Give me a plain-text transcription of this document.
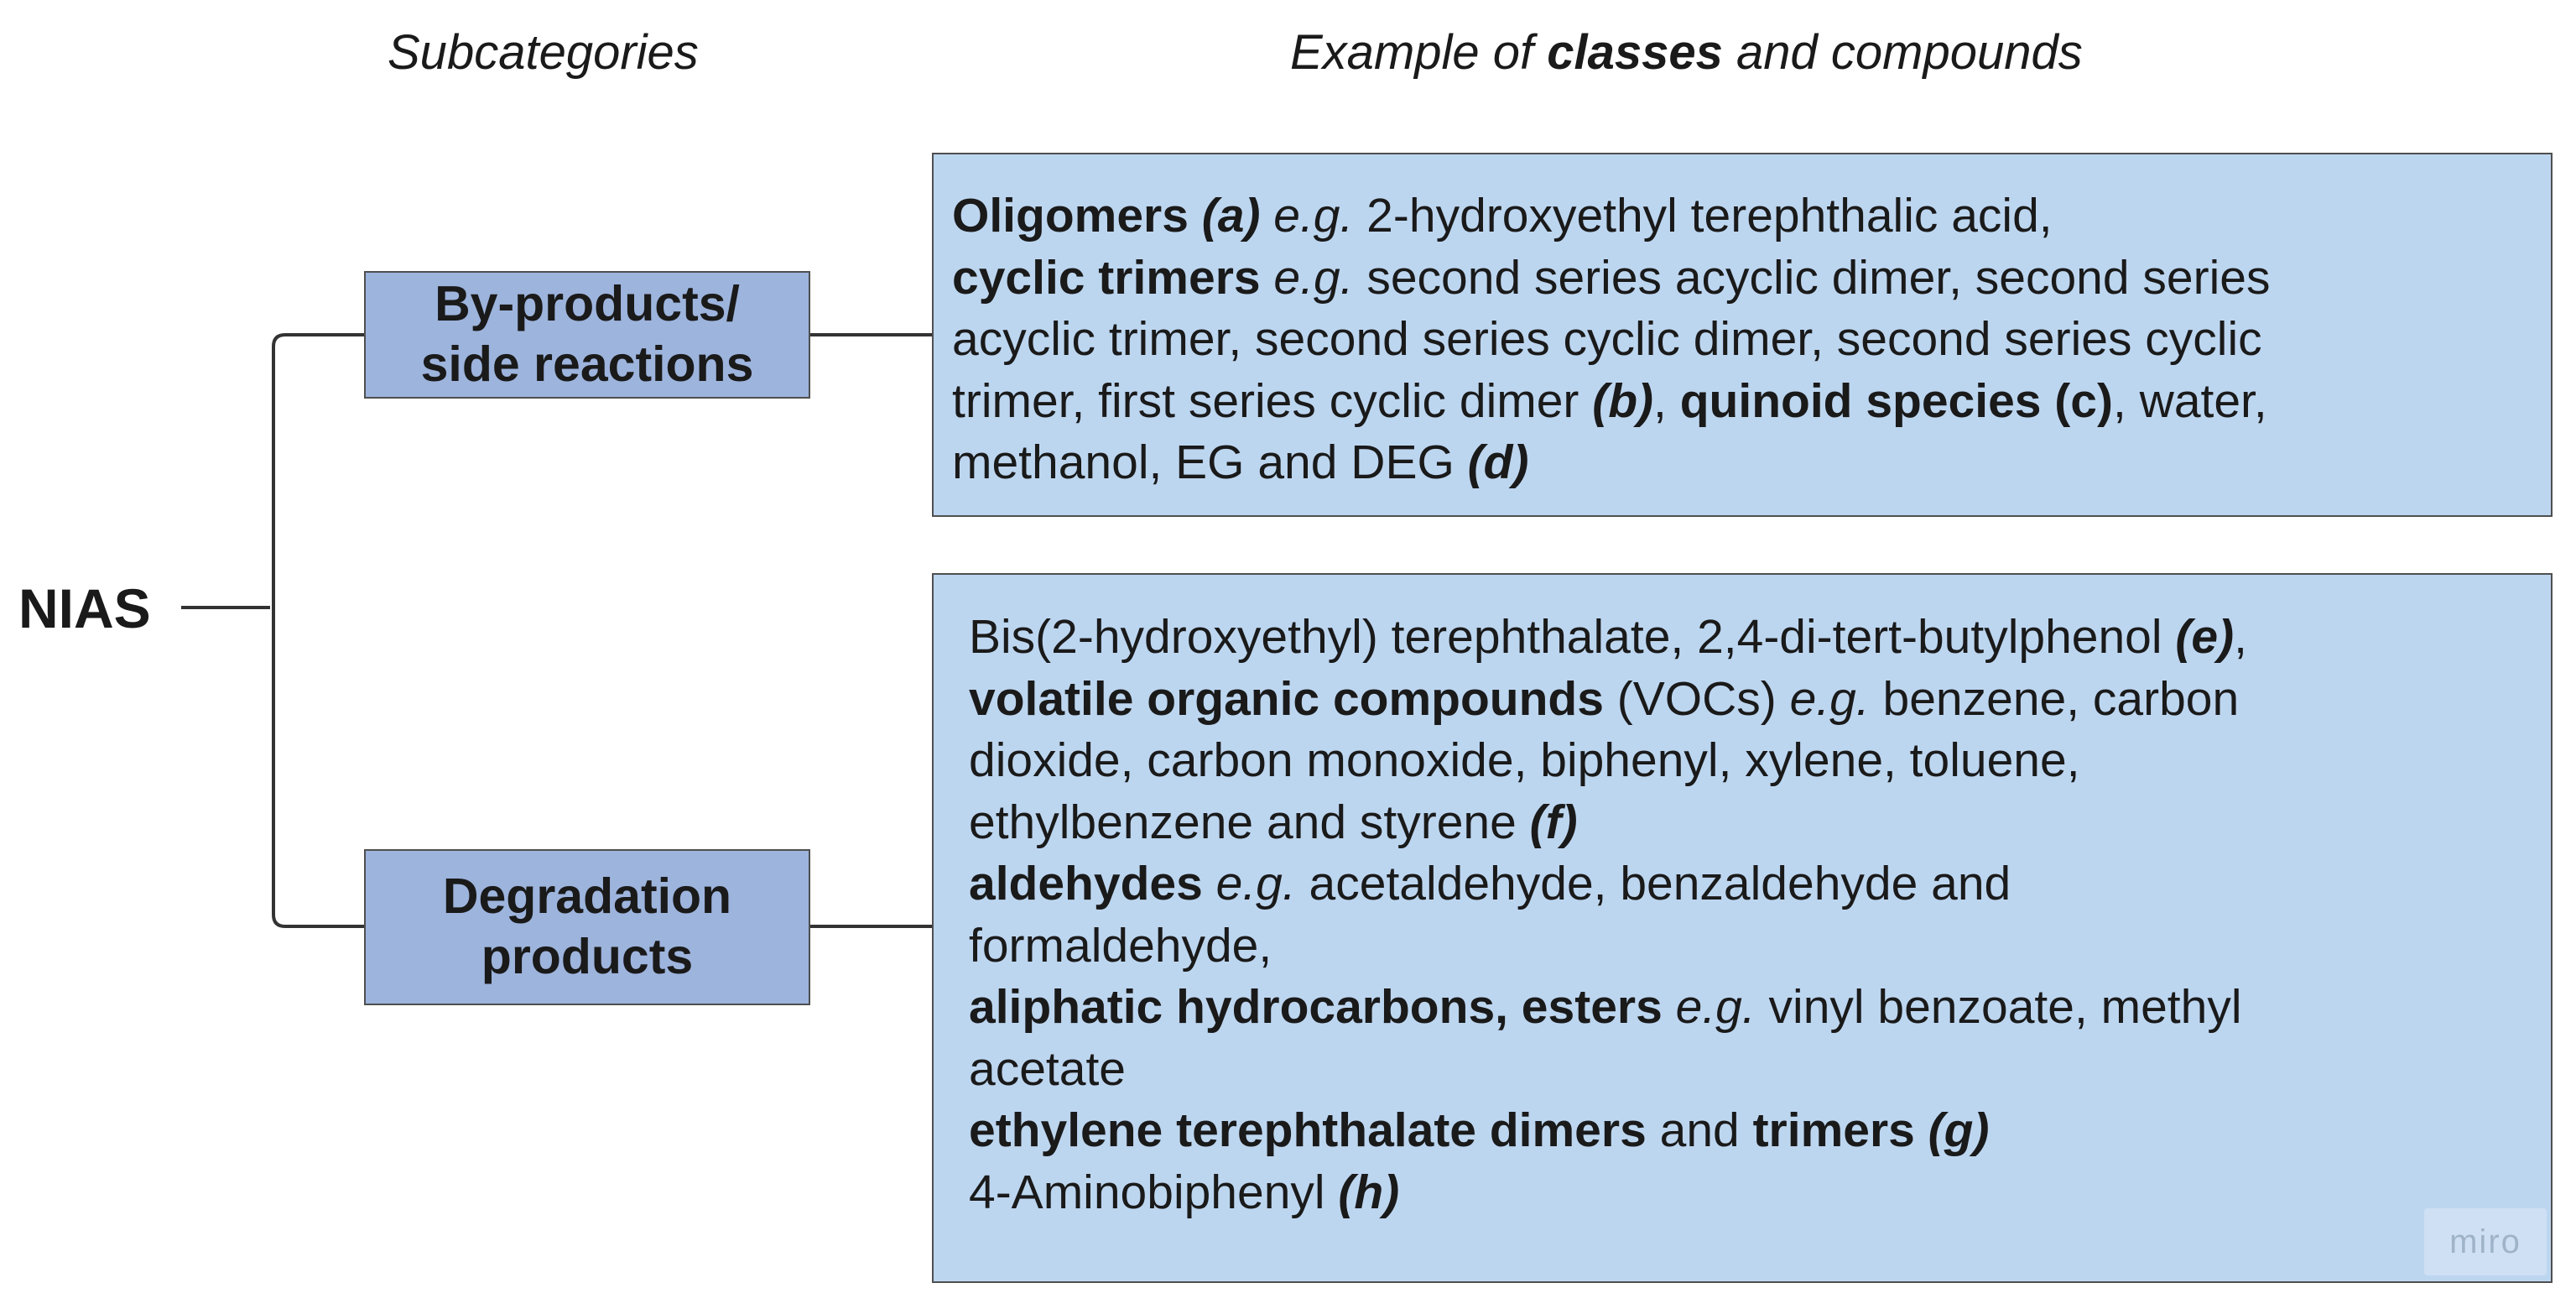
Subcategories	Example of classes and compounds
NIAS
By-products/
side reactions
Degradation
products
Oligomers (a) e.g. 2-hydroxyethyl terephthalic acid,
cyclic trimers e.g. second series acyclic dimer, second series
acyclic trimer, second series cyclic dimer, second series cyclic
trimer, first series cyclic dimer (b), quinoid species (c), water,
methanol, EG and DEG (d)
Bis(2-hydroxyethyl) terephthalate, 2,4-di-tert-butylphenol (e),
volatile organic compounds (VOCs) e.g. benzene, carbon
dioxide, carbon monoxide, biphenyl, xylene, toluene,
ethylbenzene and styrene (f)
aldehydes e.g. acetaldehyde, benzaldehyde and
formaldehyde,
aliphatic hydrocarbons, esters e.g. vinyl benzoate, methyl
acetate
ethylene terephthalate dimers and trimers (g)
4-Aminobiphenyl (h)
miro
